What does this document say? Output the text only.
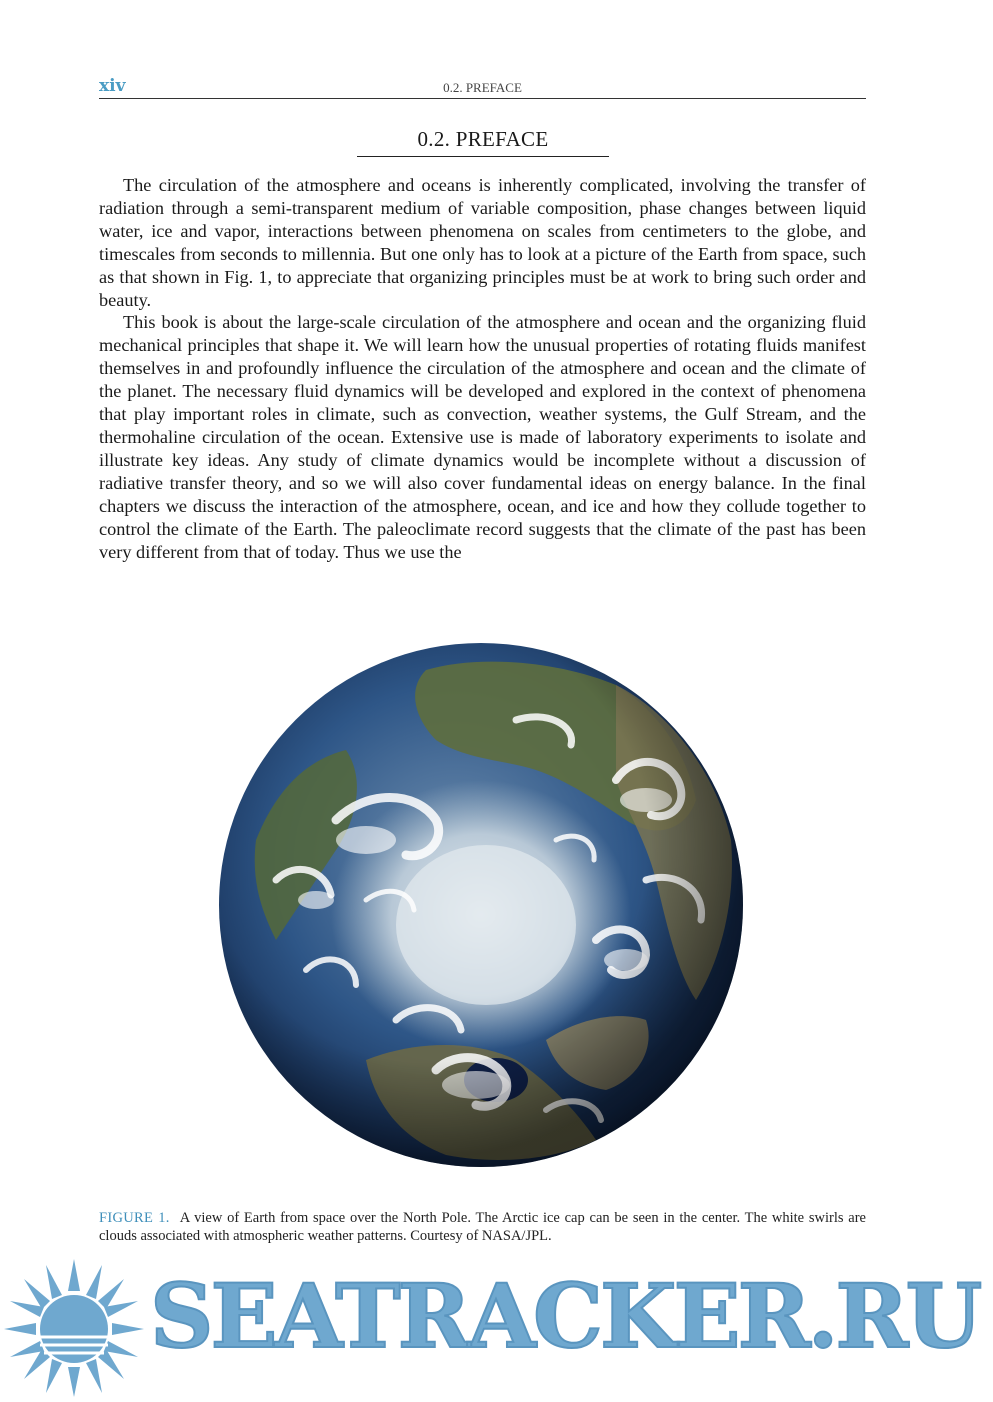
xiv	0.2. PREFACE
0.2. PREFACE

The circulation of the atmosphere and oceans is inherently complicated, involving the transfer of radiation through a semi-transparent medium of variable composition, phase changes between liquid water, ice and vapor, interactions between phenomena on scales from centimeters to the globe, and timescales from seconds to millennia. But one only has to look at a picture of the Earth from space, such as that shown in Fig. 1, to appreciate that organizing principles must be at work to bring such order and beauty.

This book is about the large-scale circulation of the atmosphere and ocean and the organizing fluid mechanical principles that shape it. We will learn how the unusual properties of rotating fluids manifest themselves in and profoundly influence the circulation of the atmosphere and ocean and the climate of the planet. The necessary fluid dynamics will be developed and explored in the context of phenomena that play important roles in climate, such as convection, weather systems, the Gulf Stream, and the thermohaline circulation of the ocean. Extensive use is made of laboratory experiments to isolate and illustrate key ideas. Any study of climate dynamics would be incomplete without a discussion of radiative transfer theory, and so we will also cover fundamental ideas on energy balance. In the final chapters we discuss the interaction of the atmosphere, ocean, and ice and how they collude together to control the climate of the Earth. The paleoclimate record suggests that the climate of the past has been very different from that of today. Thus we use the

FIGURE 1. A view of Earth from space over the North Pole. The Arctic ice cap can be seen in the center. The white swirls are clouds associated with atmospheric weather patterns. Courtesy of NASA/JPL.
SEATRACKER.RU
